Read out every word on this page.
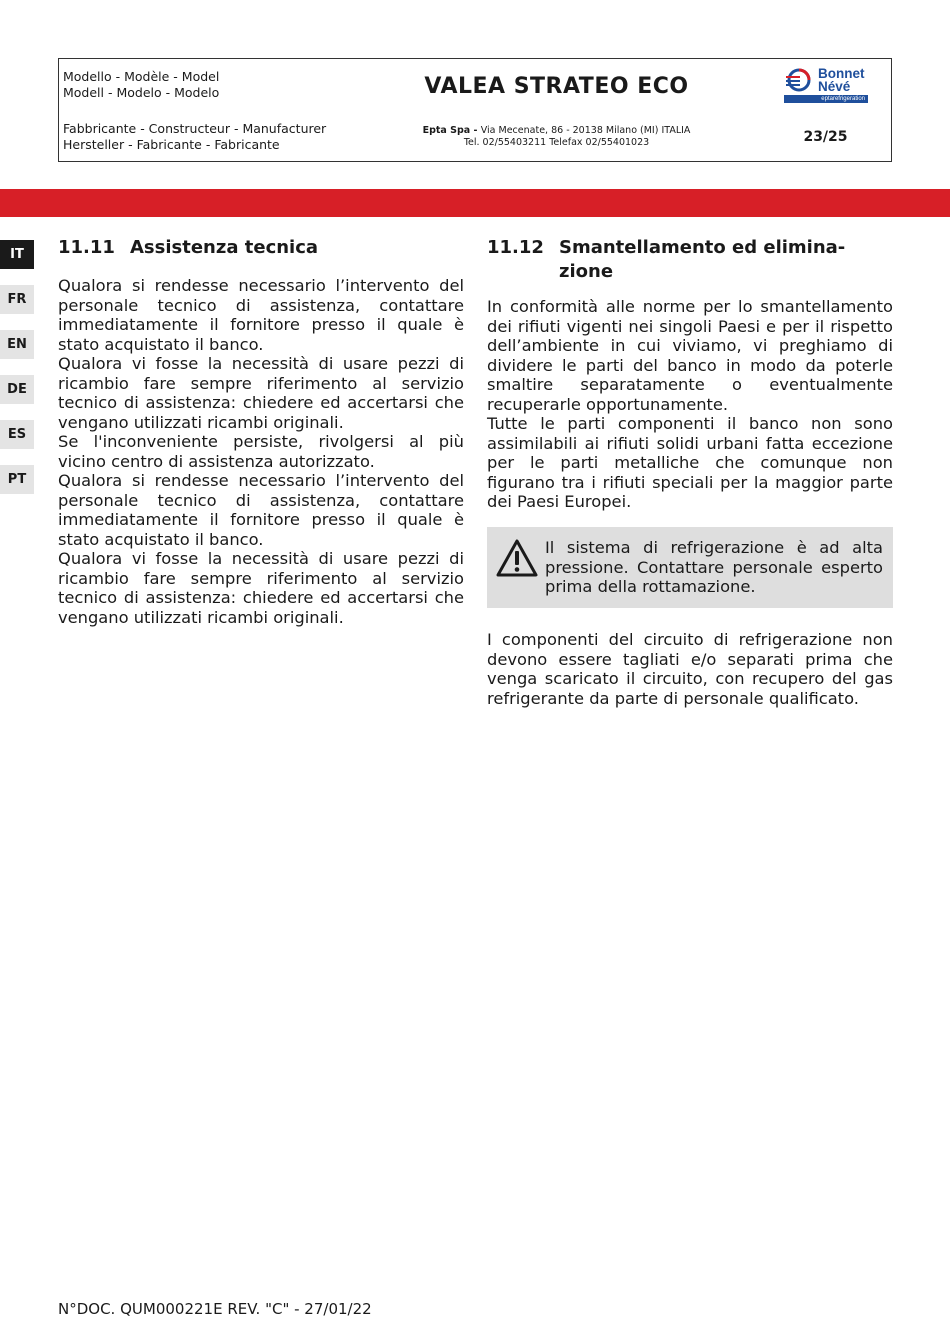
Modello - Modèle - Model
Modell - Modelo - Modelo	VALEA STRATEO ECO	Bonnet
Névé
eptarefrigeration
Fabbricante - Constructeur - Manufacturer
Hersteller - Fabricante - Fabricante
Epta Spa - Via Mecenate, 86 - 20138 Milano (MI) ITALIA
Tel. 02/55403211 Telefax 02/55401023	23/25
IT
FR
EN
DE
ES
PT
11.11 Assistenza tecnica

Qualora si rendesse necessario l’intervento del personale tecnico di assistenza, contattare immediatamente il fornitore presso il quale è stato acquistato il banco.

Qualora vi fosse la necessità di usare pezzi di ricambio fare sempre riferimento al servizio tecnico di assistenza: chiedere ed accertarsi che vengano utilizzati ricambi originali.

Se l'inconveniente persiste, rivolgersi al più vicino centro di assistenza autorizzato.

Qualora si rendesse necessario l’intervento del personale tecnico di assistenza, contattare immediatamente il fornitore presso il quale è stato acquistato il banco.

Qualora vi fosse la necessità di usare pezzi di ricambio fare sempre riferimento al servizio tecnico di assistenza: chiedere ed accertarsi che vengano utilizzati ricambi originali.

11.12 Smantellamento ed elimina-zione

In conformità alle norme per lo smantellamento dei rifiuti vigenti nei singoli Paesi e per il rispetto dell’ambiente in cui viviamo, vi preghiamo di dividere le parti del banco in modo da poterle smaltire separatamente o eventualmente recuperarle opportunamente.

Tutte le parti componenti il banco non sono assimilabili ai rifiuti solidi urbani fatta eccezione per le parti metalliche che comunque non figurano tra i rifiuti speciali per la maggior parte dei Paesi Europei.

Il sistema di refrigerazione è ad alta pressione. Contattare personale esperto prima della rottamazione.

I componenti del circuito di refrigerazione non devono essere tagliati e/o separati prima che venga scaricato il circuito, con recupero del gas refrigerante da parte di personale qualificato.

N°DOC. QUM000221E REV. "C" - 27/01/22
